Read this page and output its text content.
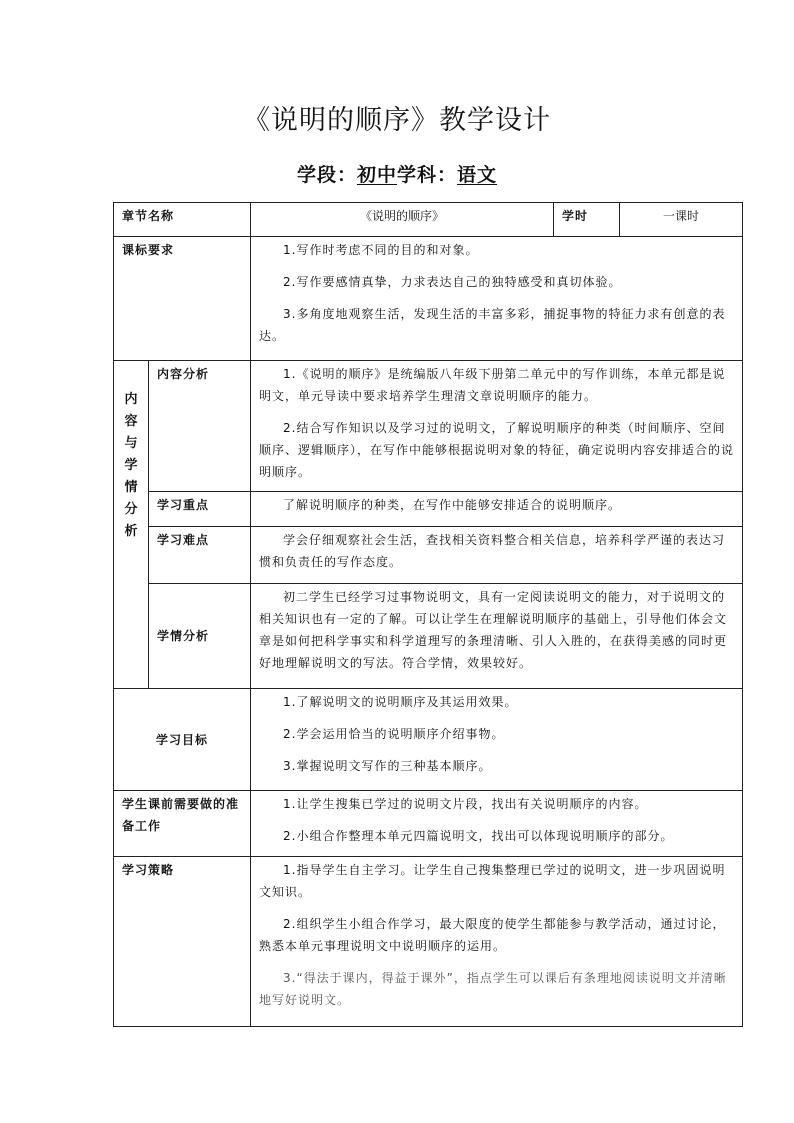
《说明的顺序》教学设计
学段：初中学科：语文
章节名称		《说明的顺序》	学时	一课时
课标要求		1.写作时考虑不同的目的和对象。

2.写作要感情真挚，力求表达自己的独特感受和真切体验。

3.多角度地观察生活，发现生活的丰富多彩，捕捉事物的特征力求有创意的表达。		

内容与学情分析	内容分析	1.《说明的顺序》是统编版八年级下册第二单元中的写作训练，本单元都是说明文，单元导读中要求培养学生理清文章说明顺序的能力。

2.结合写作知识以及学习过的说明文，了解说明顺序的种类（时间顺序、空间顺序、逻辑顺序），在写作中能够根据说明对象的特征，确定说明内容安排适合的说明顺序。		

	学习重点	了解说明顺序的种类，在写作中能够安排适合的说明顺序。		

	学习难点	学会仔细观察社会生活，查找相关资料整合相关信息，培养科学严谨的表达习惯和负责任的写作态度。		

	学情分析	初二学生已经学习过事物说明文，具有一定阅读说明文的能力，对于说明文的相关知识也有一定的了解。可以让学生在理解说明顺序的基础上，引导他们体会文章是如何把科学事实和科学道理写的条理清晰、引人入胜的，在获得美感的同时更好地理解说明文的写法。符合学情，效果较好。		

学习目标		1.了解说明文的说明顺序及其运用效果。

2.学会运用恰当的说明顺序介绍事物。

3.掌握说明文写作的三种基本顺序。		

学生课前需要做的准备工作		1.让学生搜集已学过的说明文片段，找出有关说明顺序的内容。

2.小组合作整理本单元四篇说明文，找出可以体现说明顺序的部分。		

学习策略		1.指导学生自主学习。让学生自己搜集整理已学过的说明文，进一步巩固说明文知识。

2.组织学生小组合作学习，最大限度的使学生都能参与教学活动，通过讨论，熟悉本单元事理说明文中说明顺序的运用。

3.“得法于课内，得益于课外”，指点学生可以课后有条理地阅读说明文并清晰地写好说明文。		
